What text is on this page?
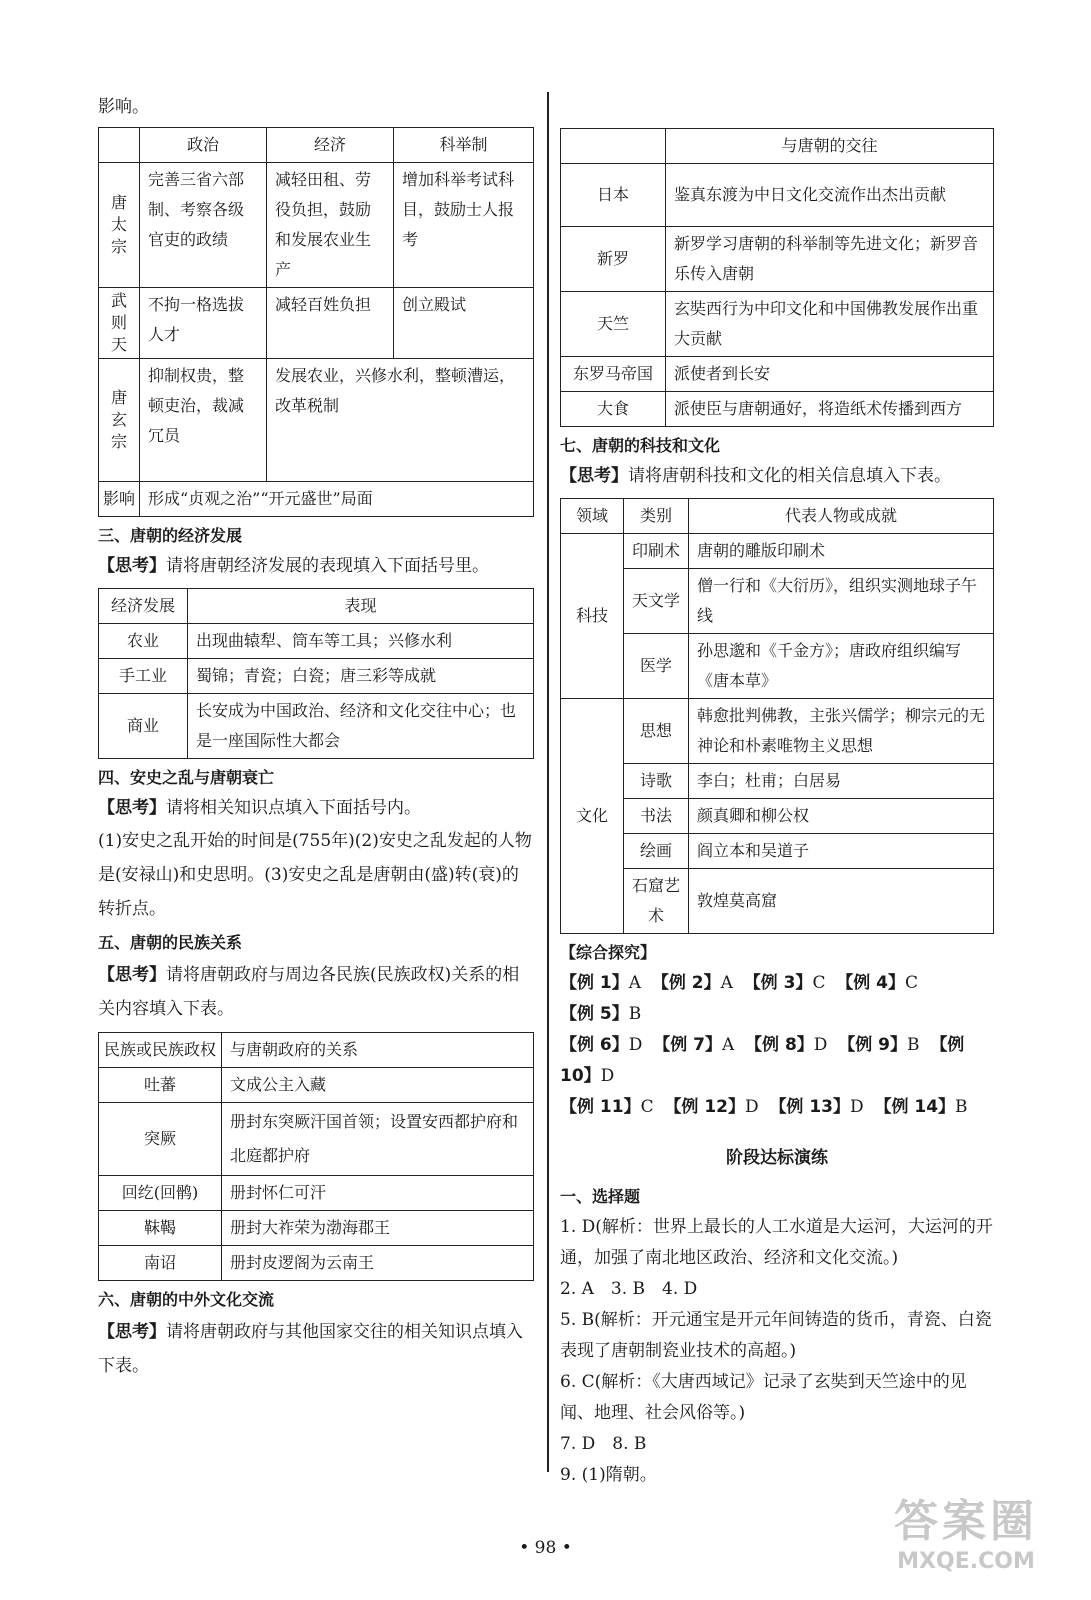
影响。

	政治	经济	科举制
唐太宗	完善三省六部制、考察各级官吏的政绩	减轻田租、劳役负担，鼓励和发展农业生产	增加科举考试科目，鼓励士人报考
武则天	不拘一格选拔人才	减轻百姓负担	创立殿试
唐玄宗	抑制权贵，整顿吏治，裁减冗员	发展农业，兴修水利，整顿漕运，改革税制	
影响	形成“贞观之治”“开元盛世”局面		

三、唐朝的经济发展

【思考】请将唐朝经济发展的表现填入下面括号里。

经济发展	表现
农业	出现曲辕犁、筒车等工具；兴修水利
手工业	蜀锦；青瓷；白瓷；唐三彩等成就
商业	长安成为中国政治、经济和文化交往中心；也是一座国际性大都会

四、安史之乱与唐朝衰亡

【思考】请将相关知识点填入下面括号内。

(1)安史之乱开始的时间是(755年)(2)安史之乱发起的人物是(安禄山)和史思明。(3)安史之乱是唐朝由(盛)转(衰)的转折点。

五、唐朝的民族关系

【思考】请将唐朝政府与周边各民族(民族政权)关系的相关内容填入下表。

民族或民族政权	与唐朝政府的关系
吐蕃	文成公主入藏
突厥	册封东突厥汗国首领；设置安西都护府和北庭都护府
回纥(回鹘)	册封怀仁可汗
靺鞨	册封大祚荣为渤海郡王
南诏	册封皮逻阁为云南王

六、唐朝的中外文化交流

【思考】请将唐朝政府与其他国家交往的相关知识点填入下表。

	与唐朝的交往
日本	鉴真东渡为中日文化交流作出杰出贡献
新罗	新罗学习唐朝的科举制等先进文化；新罗音乐传入唐朝
天竺	玄奘西行为中印文化和中国佛教发展作出重大贡献
东罗马帝国	派使者到长安
大食	派使臣与唐朝通好，将造纸术传播到西方

七、唐朝的科技和文化

【思考】请将唐朝科技和文化的相关信息填入下表。

领域	类别	代表人物或成就
科技	印刷术	唐朝的雕版印刷术
	天文学	僧一行和《大衍历》，组织实测地球子午线
	医学	孙思邈和《千金方》；唐政府组织编写《唐本草》
文化	思想	韩愈批判佛教，主张兴儒学；柳宗元的无神论和朴素唯物主义思想
	诗歌	李白；杜甫；白居易
	书法	颜真卿和柳公权
	绘画	阎立本和吴道子
	石窟艺术	敦煌莫高窟

【综合探究】

【例 1】A 【例 2】A 【例 3】C 【例 4】C  【例 5】B

【例 6】D 【例 7】A 【例 8】D 【例 9】B 【例 10】D

【例 11】C 【例 12】D 【例 13】D 【例 14】B

阶段达标演练

一、选择题

1. D(解析：世界上最长的人工水道是大运河，大运河的开通，加强了南北地区政治、经济和文化交流。)

2. A　3. B　4. D

5. B(解析：开元通宝是开元年间铸造的货币，青瓷、白瓷表现了唐朝制瓷业技术的高超。)

6. C(解析：《大唐西域记》记录了玄奘到天竺途中的见闻、地理、社会风俗等。)

7. D　8. B

9. (1)隋朝。

• 98 •
答案圈
MXQE.COM
